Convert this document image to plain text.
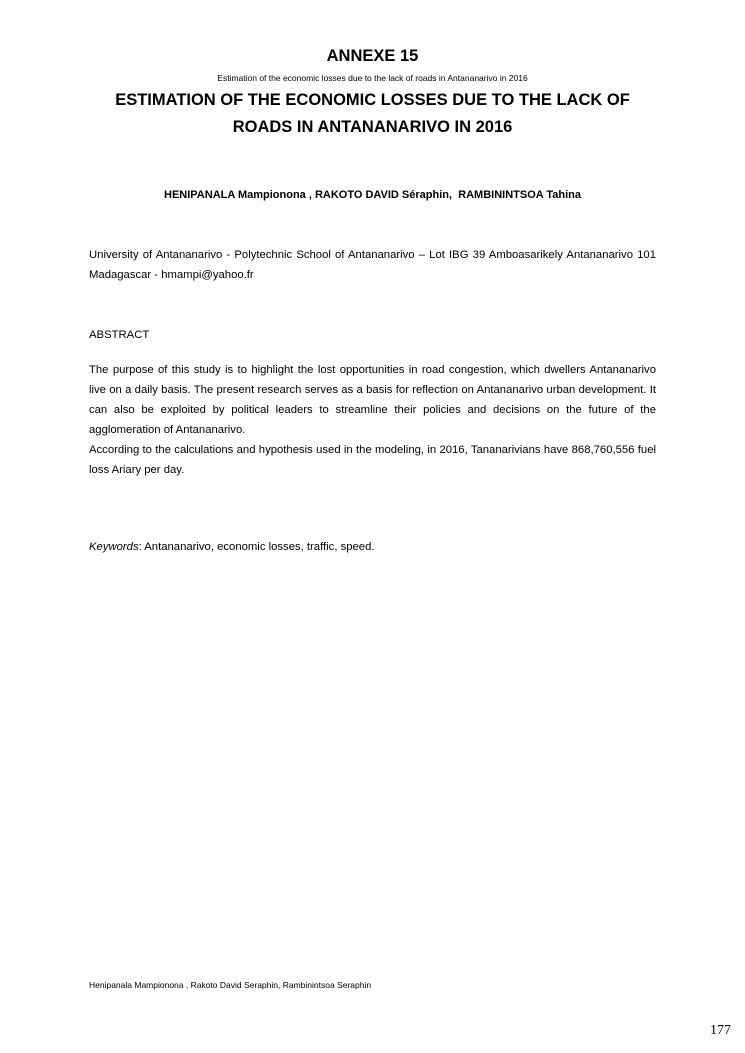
ANNEXE 15
Estimation of the economic losses due to the lack of roads in Antananarivo in 2016
ESTIMATION OF THE ECONOMIC LOSSES DUE TO THE LACK OF
ROADS IN ANTANANARIVO IN 2016
HENIPANALA Mampionona , RAKOTO DAVID Séraphin,  RAMBININTSOA Tahina
University of Antananarivo - Polytechnic School of Antananarivo – Lot IBG 39 Amboasarikely Antananarivo 101 Madagascar - hmampi@yahoo.fr
ABSTRACT

The purpose of this study is to highlight the lost opportunities in road congestion, which dwellers Antananarivo live on a daily basis. The present research serves as a basis for reflection on Antananarivo urban development. It can also be exploited by political leaders to streamline their policies and decisions on the future of the agglomeration of Antananarivo.

According to the calculations and hypothesis used in the modeling, in 2016, Tananarivians have 868,760,556 fuel loss Ariary per day.

Keywords: Antananarivo, economic losses, traffic, speed.
Henipanala Mampionona , Rakoto David Seraphin, Rambinintsoa Seraphin
177
